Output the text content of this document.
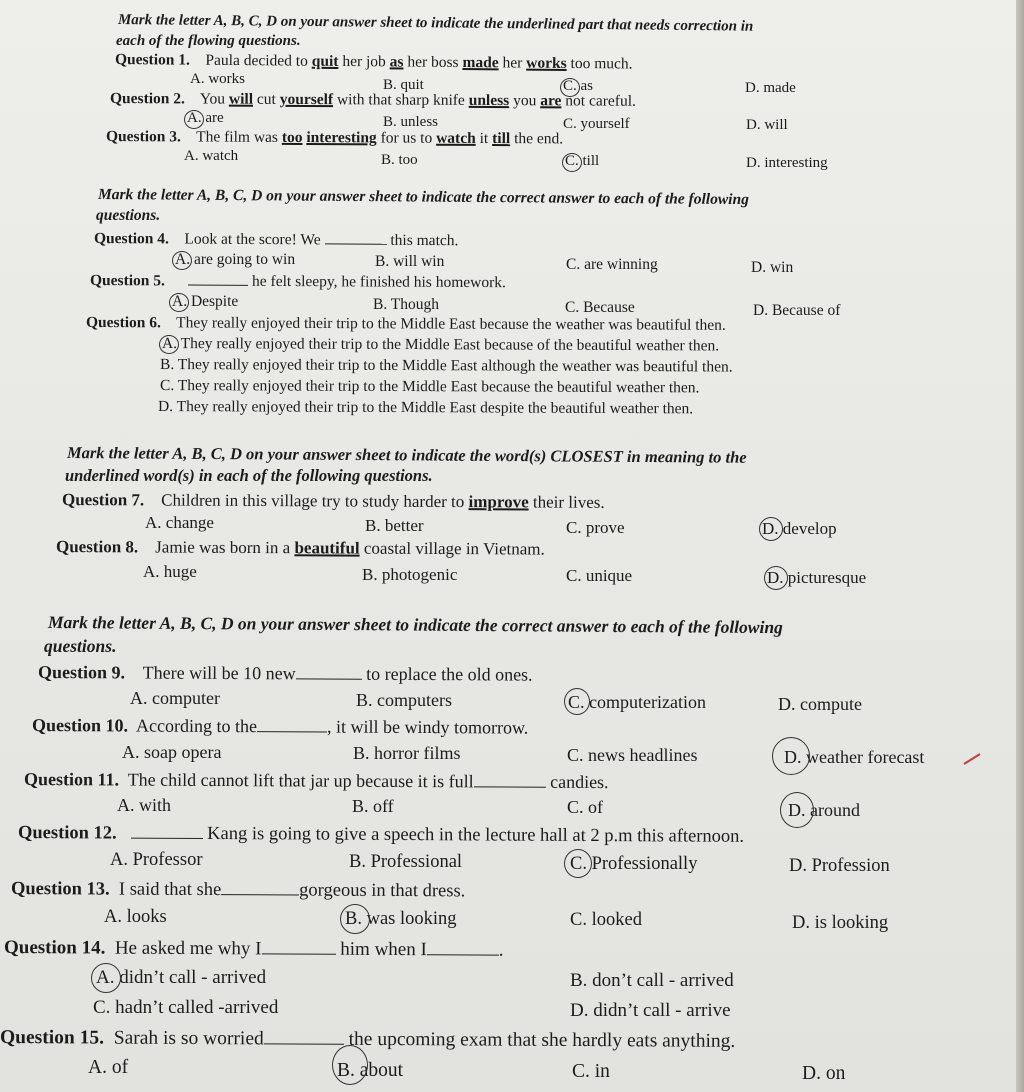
Mark the letter A, B, C, D on your answer sheet to indicate the underlined part that needs correction in
each of the flowing questions.
Question 1. Paula decided to quit her job as her boss made her works too much.
A. works	B. quit	C. as	D. made
Question 2. You will cut yourself with that sharp knife unless you are not careful.
A. are	B. unless	C. yourself	D. will
Question 3. The film was too interesting for us to watch it till the end.
A. watch	B. too	C. till	D. interesting
Mark the letter A, B, C, D on your answer sheet to indicate the correct answer to each of the following
questions.
Question 4. Look at the score! We	this match.
A. are going to win	B. will win	C. are winning	D. win
Question 5.	he felt sleepy, he finished his homework.
A. Despite	B. Though	C. Because	D. Because of
Question 6. They really enjoyed their trip to the Middle East because the weather was beautiful then.
A. They really enjoyed their trip to the Middle East because of the beautiful weather then.
B. They really enjoyed their trip to the Middle East although the weather was beautiful then.
C. They really enjoyed their trip to the Middle East because the beautiful weather then.
D. They really enjoyed their trip to the Middle East despite the beautiful weather then.
Mark the letter A, B, C, D on your answer sheet to indicate the word(s) CLOSEST in meaning to the
underlined word(s) in each of the following questions.
Question 7. Children in this village try to study harder to improve their lives.
A. change	B. better	C. prove	D. develop
Question 8. Jamie was born in a beautiful coastal village in Vietnam.
A. huge	B. photogenic	C. unique	D. picturesque
Mark the letter A, B, C, D on your answer sheet to indicate the correct answer to each of the following
questions.
Question 9. There will be 10 new	to replace the old ones.
A. computer	B. computers	C. computerization	D. compute
Question 10. According to the	, it will be windy tomorrow.
A. soap opera	B. horror films	C. news headlines	D. weather forecast
Question 11. The child cannot lift that jar up because it is full	candies.
A. with	B. off	C. of	D. around
Question 12.	Kang is going to give a speech in the lecture hall at 2 p.m this afternoon.
A. Professor	B. Professional	C. Professionally	D. Profession
Question 13. I said that she	gorgeous in that dress.
A. looks	B. was looking	C. looked	D. is looking
Question 14. He asked me why I	him when I	.
A. didn’t call - arrived	B. don’t call - arrived
C. hadn’t called -arrived	D. didn’t call - arrive
Question 15. Sarah is so worried	the upcoming exam that she hardly eats anything.
A. of	B. about	C. in	D. on
